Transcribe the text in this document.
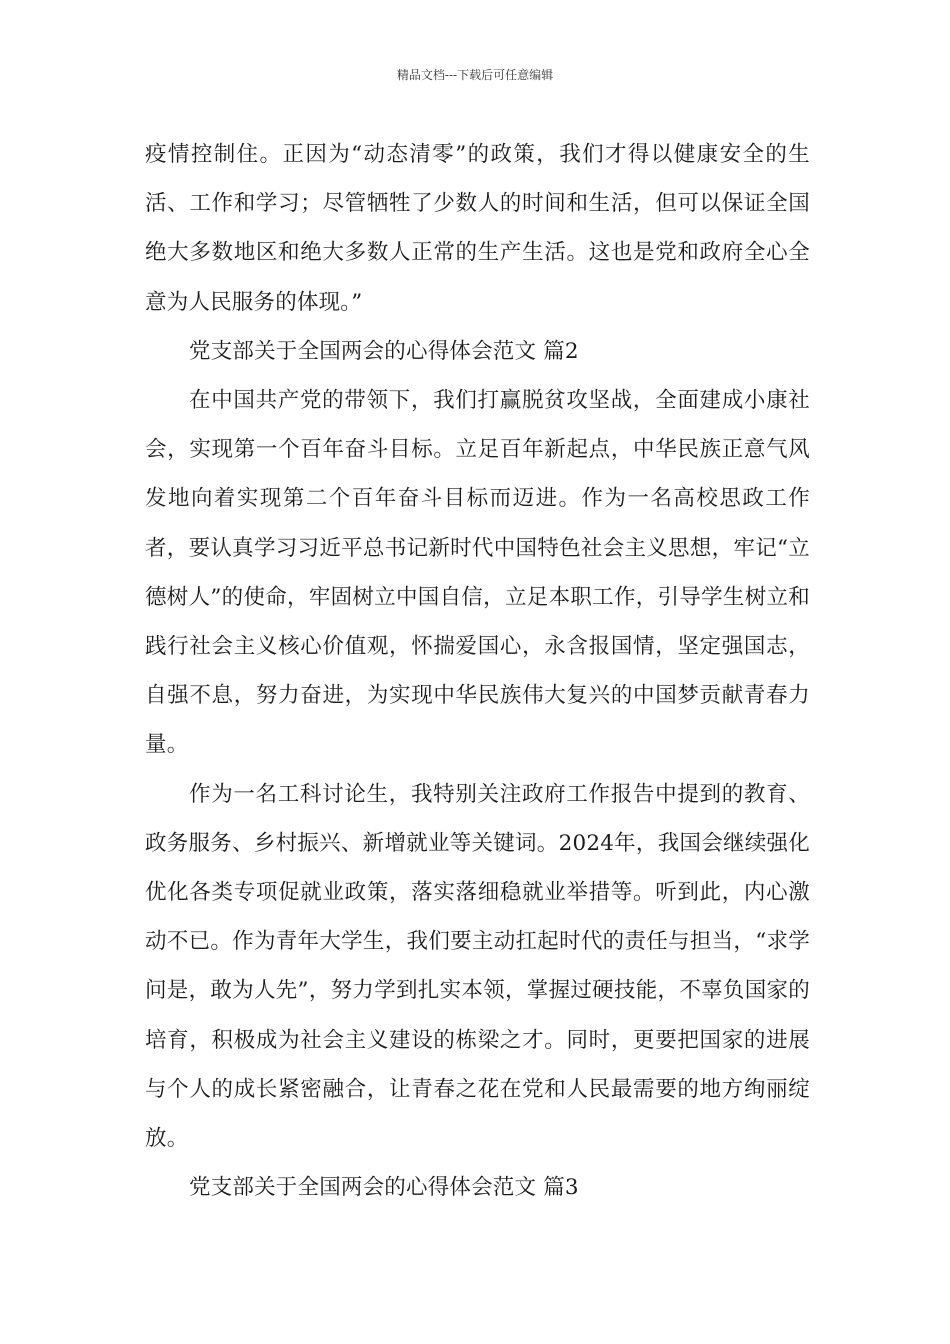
精品文档---下载后可任意编辑

疫情控制住。正因为“动态清零”的政策，我们才得以健康安全的生活、工作和学习；尽管牺牲了少数人的时间和生活，但可以保证全国绝大多数地区和绝大多数人正常的生产生活。这也是党和政府全心全意为人民服务的体现。”

党支部关于全国两会的心得体会范文 篇2

在中国共产党的带领下，我们打赢脱贫攻坚战，全面建成小康社会，实现第一个百年奋斗目标。立足百年新起点，中华民族正意气风发地向着实现第二个百年奋斗目标而迈进。作为一名高校思政工作者，要认真学习习近平总书记新时代中国特色社会主义思想，牢记“立德树人”的使命，牢固树立中国自信，立足本职工作，引导学生树立和践行社会主义核心价值观，怀揣爱国心，永含报国情，坚定强国志，自强不息，努力奋进，为实现中华民族伟大复兴的中国梦贡献青春力量。

作为一名工科讨论生，我特别关注政府工作报告中提到的教育、政务服务、乡村振兴、新增就业等关键词。2024年，我国会继续强化优化各类专项促就业政策，落实落细稳就业举措等。听到此，内心激动不已。作为青年大学生，我们要主动扛起时代的责任与担当，“求学问是，敢为人先”，努力学到扎实本领，掌握过硬技能，不辜负国家的培育，积极成为社会主义建设的栋梁之才。同时，更要把国家的进展与个人的成长紧密融合，让青春之花在党和人民最需要的地方绚丽绽放。

党支部关于全国两会的心得体会范文 篇3
